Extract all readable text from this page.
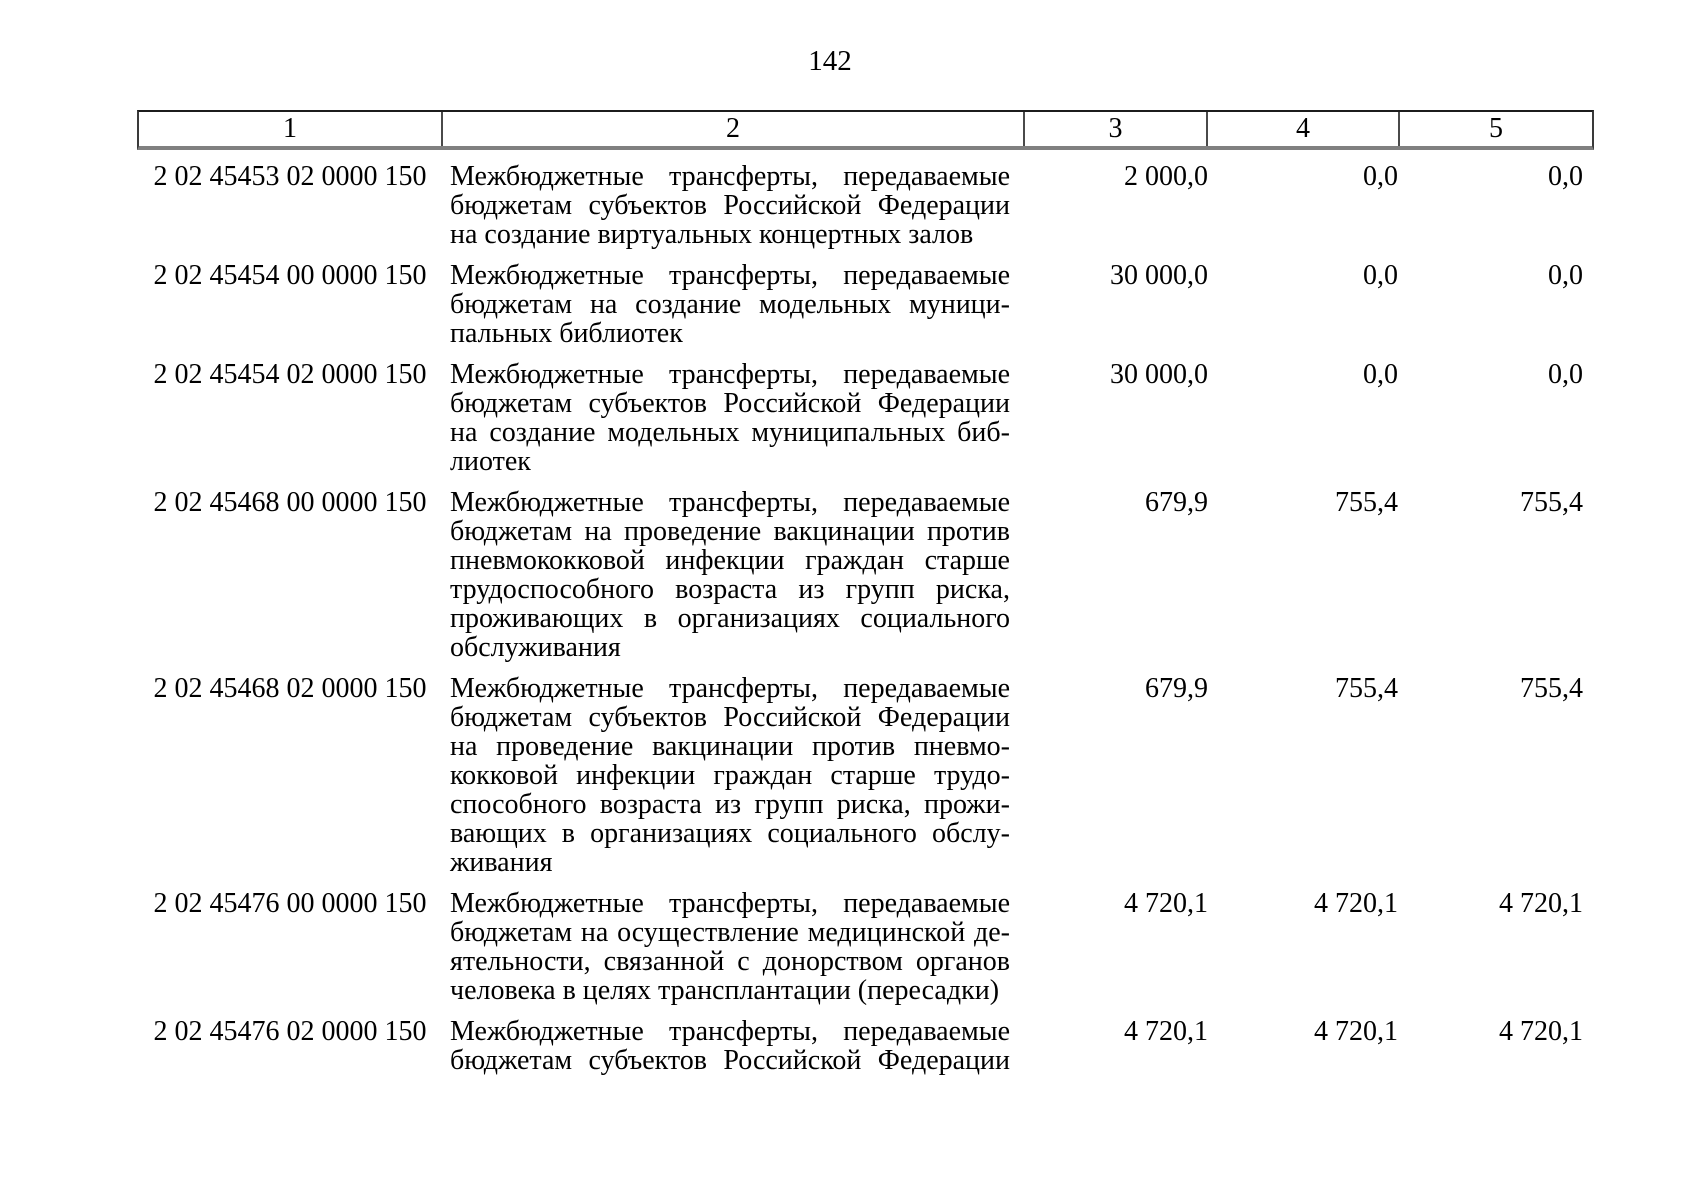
142
1	2	3	4	5
2 02 45453 02 0000 150 Межбюджетные трансферты, передаваемые
бюджетам субъектов Российской Федерации
на создание виртуальных концертных залов
2 000,0	0,0	0,0
2 02 45454 00 0000 150 Межбюджетные трансферты, передаваемые
бюджетам на создание модельных муници-
пальных библиотек
30 000,0	0,0	0,0
2 02 45454 02 0000 150 Межбюджетные трансферты, передаваемые
бюджетам субъектов Российской Федерации
на создание модельных муниципальных биб-
лиотек
30 000,0	0,0	0,0
2 02 45468 00 0000 150 Межбюджетные трансферты, передаваемые
бюджетам на проведение вакцинации против
пневмококковой инфекции граждан старше
трудоспособного возраста из групп риска,
проживающих в организациях социального
обслуживания
679,9	755,4	755,4
2 02 45468 02 0000 150 Межбюджетные трансферты, передаваемые
бюджетам субъектов Российской Федерации
на проведение вакцинации против пневмо-
кокковой инфекции граждан старше трудо-
способного возраста из групп риска, прожи-
вающих в организациях социального обслу-
живания
679,9	755,4	755,4
2 02 45476 00 0000 150 Межбюджетные трансферты, передаваемые
бюджетам на осуществление медицинской де-
ятельности, связанной с донорством органов
человека в целях трансплантации (пересадки)
4 720,1	4 720,1	4 720,1
2 02 45476 02 0000 150 Межбюджетные трансферты, передаваемые
бюджетам субъектов Российской Федерации
4 720,1	4 720,1	4 720,1
